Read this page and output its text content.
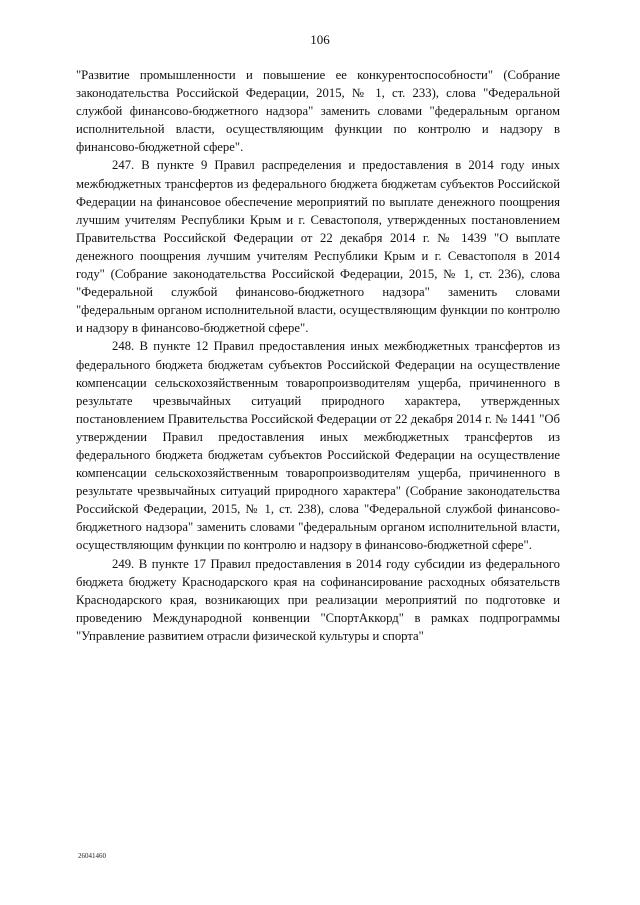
106

"Развитие промышленности и повышение ее конкурентоспособности" (Собрание законодательства Российской Федерации, 2015, № 1, ст. 233), слова "Федеральной службой финансово-бюджетного надзора" заменить словами "федеральным органом исполнительной власти, осуществляющим функции по контролю и надзору в финансово-бюджетной сфере".

247. В пункте 9 Правил распределения и предоставления в 2014 году иных межбюджетных трансфертов из федерального бюджета бюджетам субъектов Российской Федерации на финансовое обеспечение мероприятий по выплате денежного поощрения лучшим учителям Республики Крым и г. Севастополя, утвержденных постановлением Правительства Российской Федерации от 22 декабря 2014 г. № 1439 "О выплате денежного поощрения лучшим учителям Республики Крым и г. Севастополя в 2014 году" (Собрание законодательства Российской Федерации, 2015, № 1, ст. 236), слова "Федеральной службой финансово-бюджетного надзора" заменить словами "федеральным органом исполнительной власти, осуществляющим функции по контролю и надзору в финансово-бюджетной сфере".

248. В пункте 12 Правил предоставления иных межбюджетных трансфертов из федерального бюджета бюджетам субъектов Российской Федерации на осуществление компенсации сельскохозяйственным товаропроизводителям ущерба, причиненного в результате чрезвычайных ситуаций природного характера, утвержденных постановлением Правительства Российской Федерации от 22 декабря 2014 г. № 1441 "Об утверждении Правил предоставления иных межбюджетных трансфертов из федерального бюджета бюджетам субъектов Российской Федерации на осуществление компенсации сельскохозяйственным товаропроизводителям ущерба, причиненного в результате чрезвычайных ситуаций природного характера" (Собрание законодательства Российской Федерации, 2015, № 1, ст. 238), слова "Федеральной службой финансово-бюджетного надзора" заменить словами "федеральным органом исполнительной власти, осуществляющим функции по контролю и надзору в финансово-бюджетной сфере".

249. В пункте 17 Правил предоставления в 2014 году субсидии из федерального бюджета бюджету Краснодарского края на софинансирование расходных обязательств Краснодарского края, возникающих при реализации мероприятий по подготовке и проведению Международной конвенции "СпортАккорд" в рамках подпрограммы "Управление развитием отрасли физической культуры и спорта"

26041460
